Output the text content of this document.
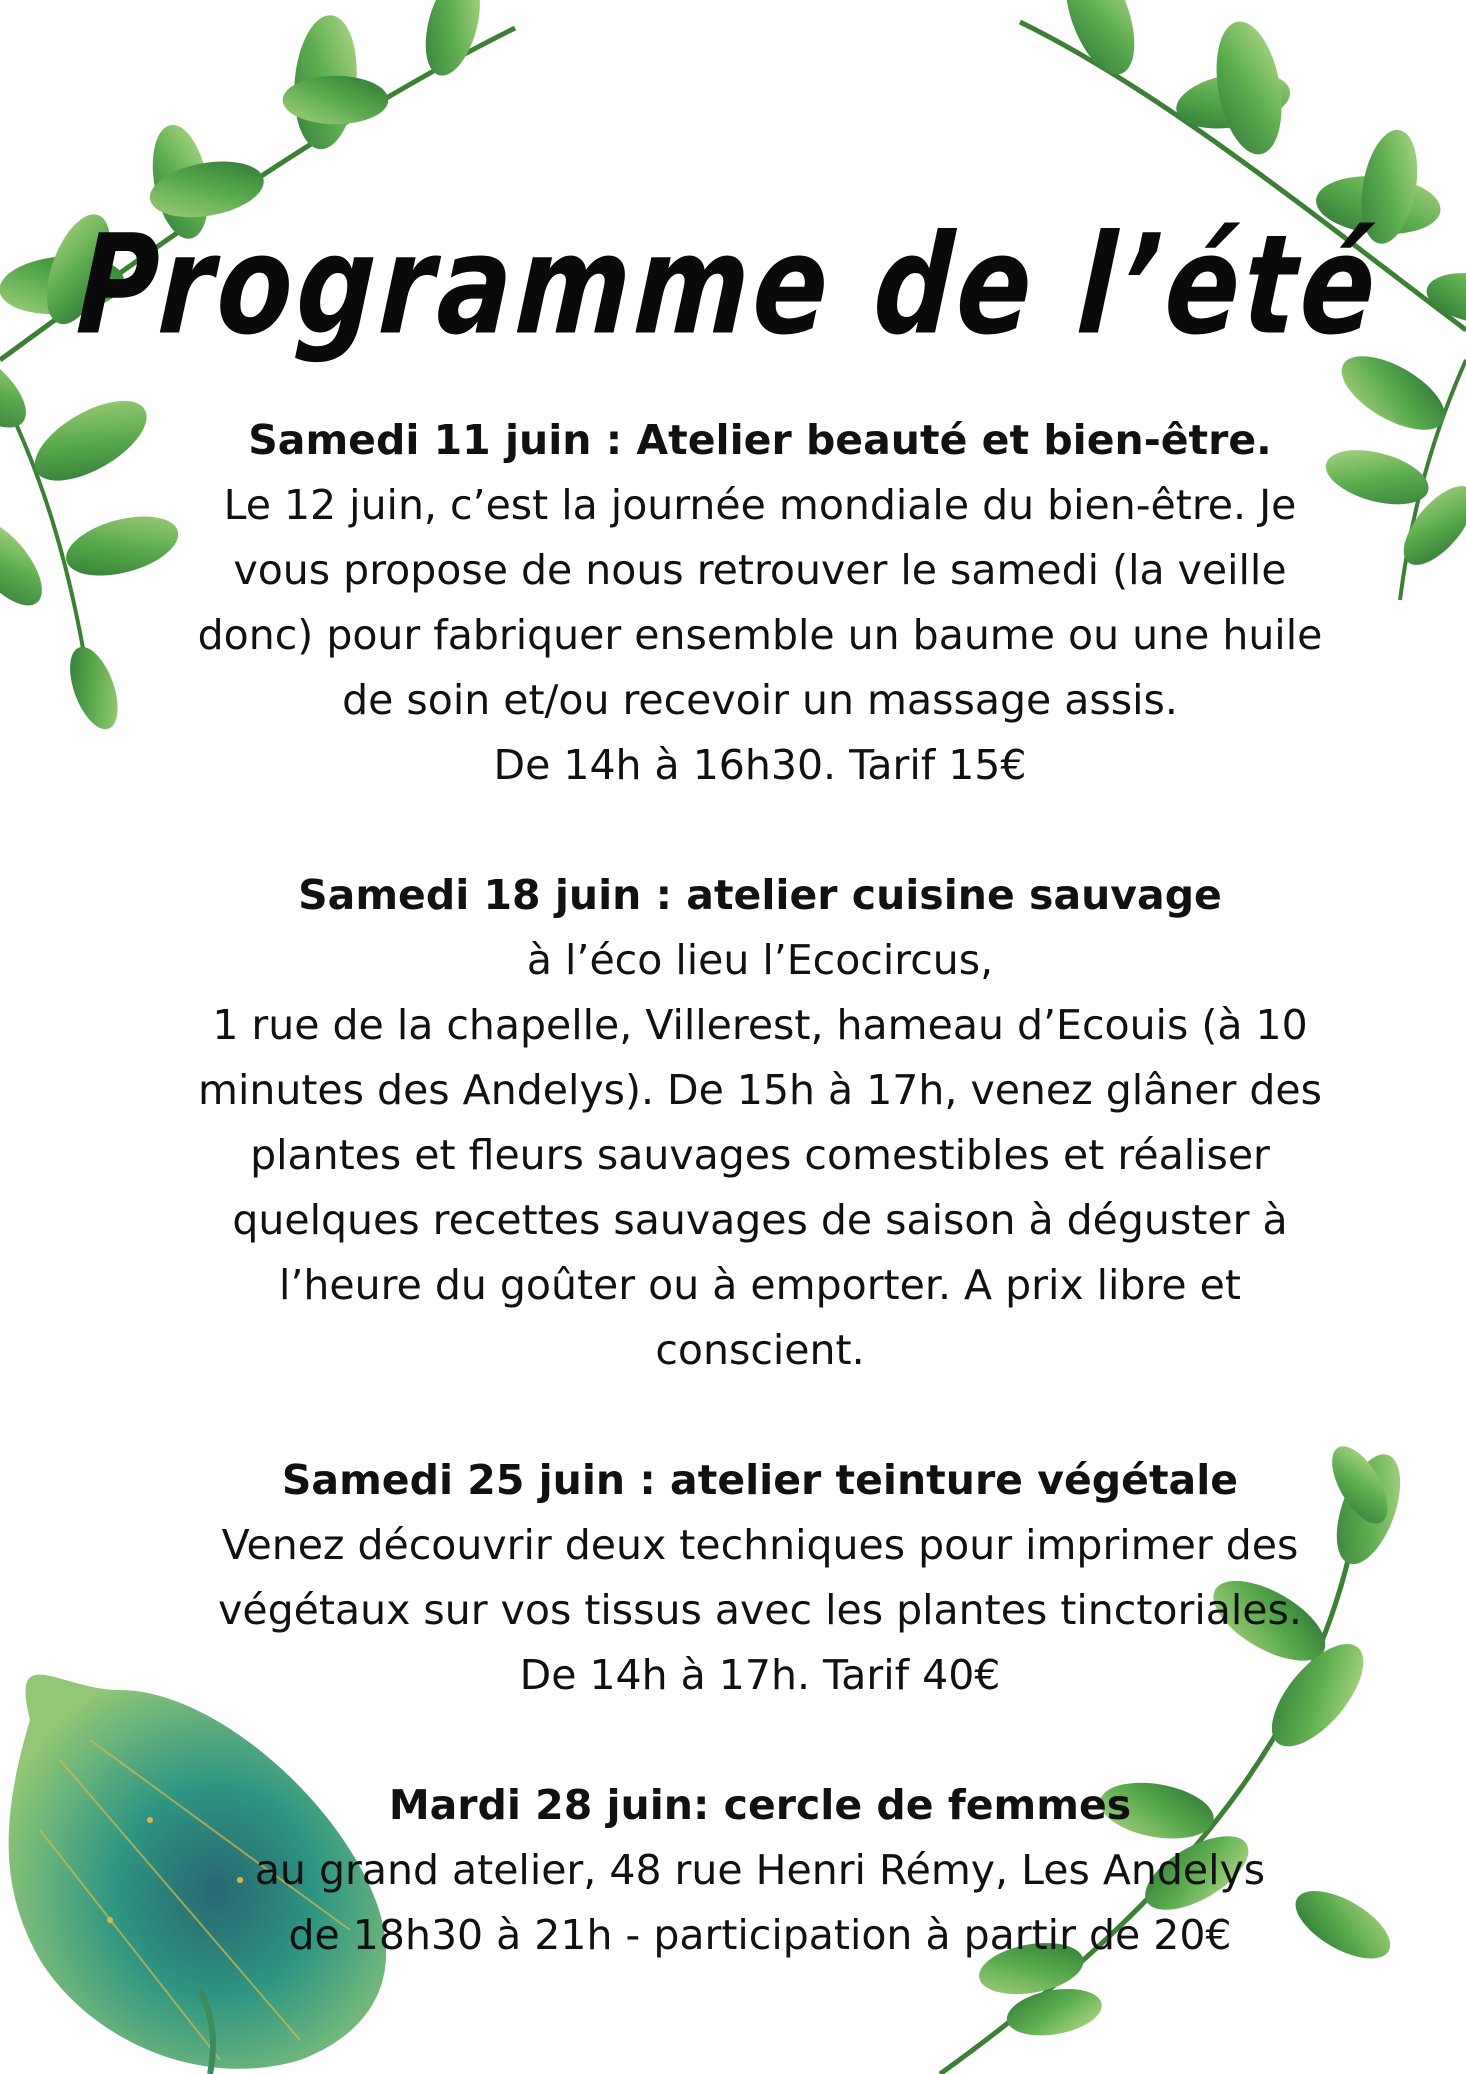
Programme de l’été
Samedi 11 juin : Atelier beauté et bien-être.

Le 12 juin, c’est la journée mondiale du bien-être. Je

vous propose de nous retrouver le samedi (la veille

donc) pour fabriquer ensemble un baume ou une huile

de soin et/ou recevoir un massage assis.

De 14h à 16h30. Tarif 15€

Samedi 18 juin : atelier cuisine sauvage

à l’éco lieu l’Ecocircus,

1 rue de la chapelle, Villerest, hameau d’Ecouis (à 10

minutes des Andelys). De 15h à 17h, venez glâner des

plantes et fleurs sauvages comestibles et réaliser

quelques recettes sauvages de saison à déguster à

l’heure du goûter ou à emporter. A prix libre et

conscient.

Samedi 25 juin : atelier teinture végétale

Venez découvrir deux techniques pour imprimer des

végétaux sur vos tissus avec les plantes tinctoriales.

De 14h à 17h. Tarif 40€

Mardi 28 juin: cercle de femmes

au grand atelier, 48 rue Henri Rémy, Les Andelys

de 18h30 à 21h - participation à partir de 20€
